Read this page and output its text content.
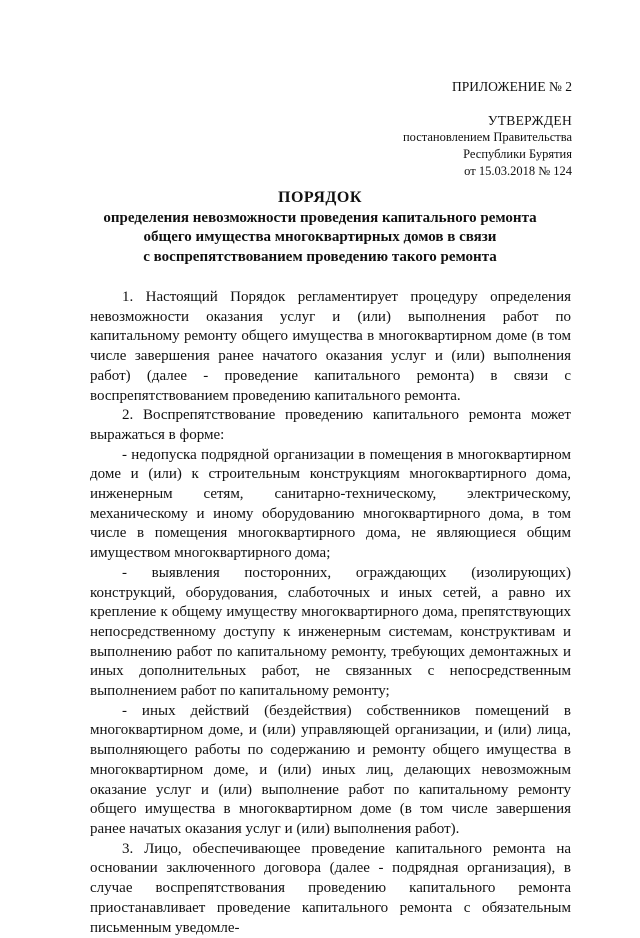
ПРИЛОЖЕНИЕ № 2
УТВЕРЖДЕН
постановлением Правительства
Республики Бурятия
от 15.03.2018 № 124
ПОРЯДОК
определения невозможности проведения капитального ремонта
общего имущества многоквартирных домов в связи
с воспрепятствованием проведению такого ремонта

1. Настоящий Порядок регламентирует процедуру определения невозможности оказания услуг и (или) выполнения работ по капитальному ремонту общего имущества в многоквартирном доме (в том числе завершения ранее начатого оказания услуг и (или) выполнения работ) (далее - проведение капитального ремонта) в связи с воспрепятствованием проведению капитального ремонта.

2. Воспрепятствование проведению капитального ремонта может выражаться в форме:

- недопуска подрядной организации в помещения в многоквартирном доме и (или) к строительным конструкциям многоквартирного дома, инженерным сетям, санитарно-техническому, электрическому, механическому и иному оборудованию многоквартирного дома, в том числе в помещения многоквартирного дома, не являющиеся общим имуществом многоквартирного дома;

- выявления посторонних, ограждающих (изолирующих) конструкций, оборудования, слаботочных и иных сетей, а равно их крепление к общему имуществу многоквартирного дома, препятствующих непосредственному доступу к инженерным системам, конструктивам и выполнению работ по капитальному ремонту, требующих демонтажных и иных дополнительных работ, не связанных с непосредственным выполнением работ по капитальному ремонту;

- иных действий (бездействия) собственников помещений в многоквартирном доме, и (или) управляющей организации, и (или) лица, выполняющего работы по содержанию и ремонту общего имущества в многоквартирном доме, и (или) иных лиц, делающих невозможным оказание услуг и (или) выполнение работ по капитальному ремонту общего имущества в многоквартирном доме (в том числе завершения ранее начатых оказания услуг и (или) выполнения работ).

3. Лицо, обеспечивающее проведение капитального ремонта на основании заключенного договора (далее - подрядная организация), в случае воспрепятствования проведению капитального ремонта приостанавливает проведение капитального ремонта с обязательным письменным уведомле-
